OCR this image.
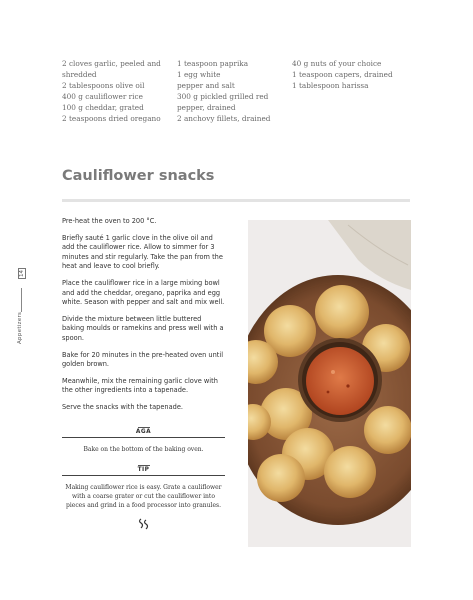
2 cloves garlic, peeled and
shredded
2 tablespoons olive oil
400 g cauliflower rice
100 g cheddar, grated
2 teaspoons dried oregano
1 teaspoon paprika
1 egg white
pepper and salt
300 g pickled grilled red
pepper, drained
2 anchovy fillets, drained
40 g nuts of your choice
1 teaspoon capers, drained
1 tablespoon harissa
Cauliflower snacks
14
Appetizers

Pre-heat the oven to 200 °C.

Briefly sauté 1 garlic clove in the olive oil and add the cauliflower rice. Allow to simmer for 3 minutes and stir regularly. Take the pan from the heat and leave to cool briefly.

Place the cauliflower rice in a large mixing bowl and add the cheddar, oregano, paprika and egg white. Season with pepper and salt and mix well.

Divide the mixture between little buttered baking moulds or ramekins and press well with a spoon.

Bake for 20 minutes in the pre-heated oven until golden brown.

Meanwhile, mix the remaining garlic clove with the other ingredients into a tapenade.

Serve the snacks with the tapenade.

AGA
Bake on the bottom of the baking oven.
TIP
Making cauliflower rice is easy. Grate a cauliflower with a coarse grater or cut the cauliflower into pieces and grind in a food processor into granules.
